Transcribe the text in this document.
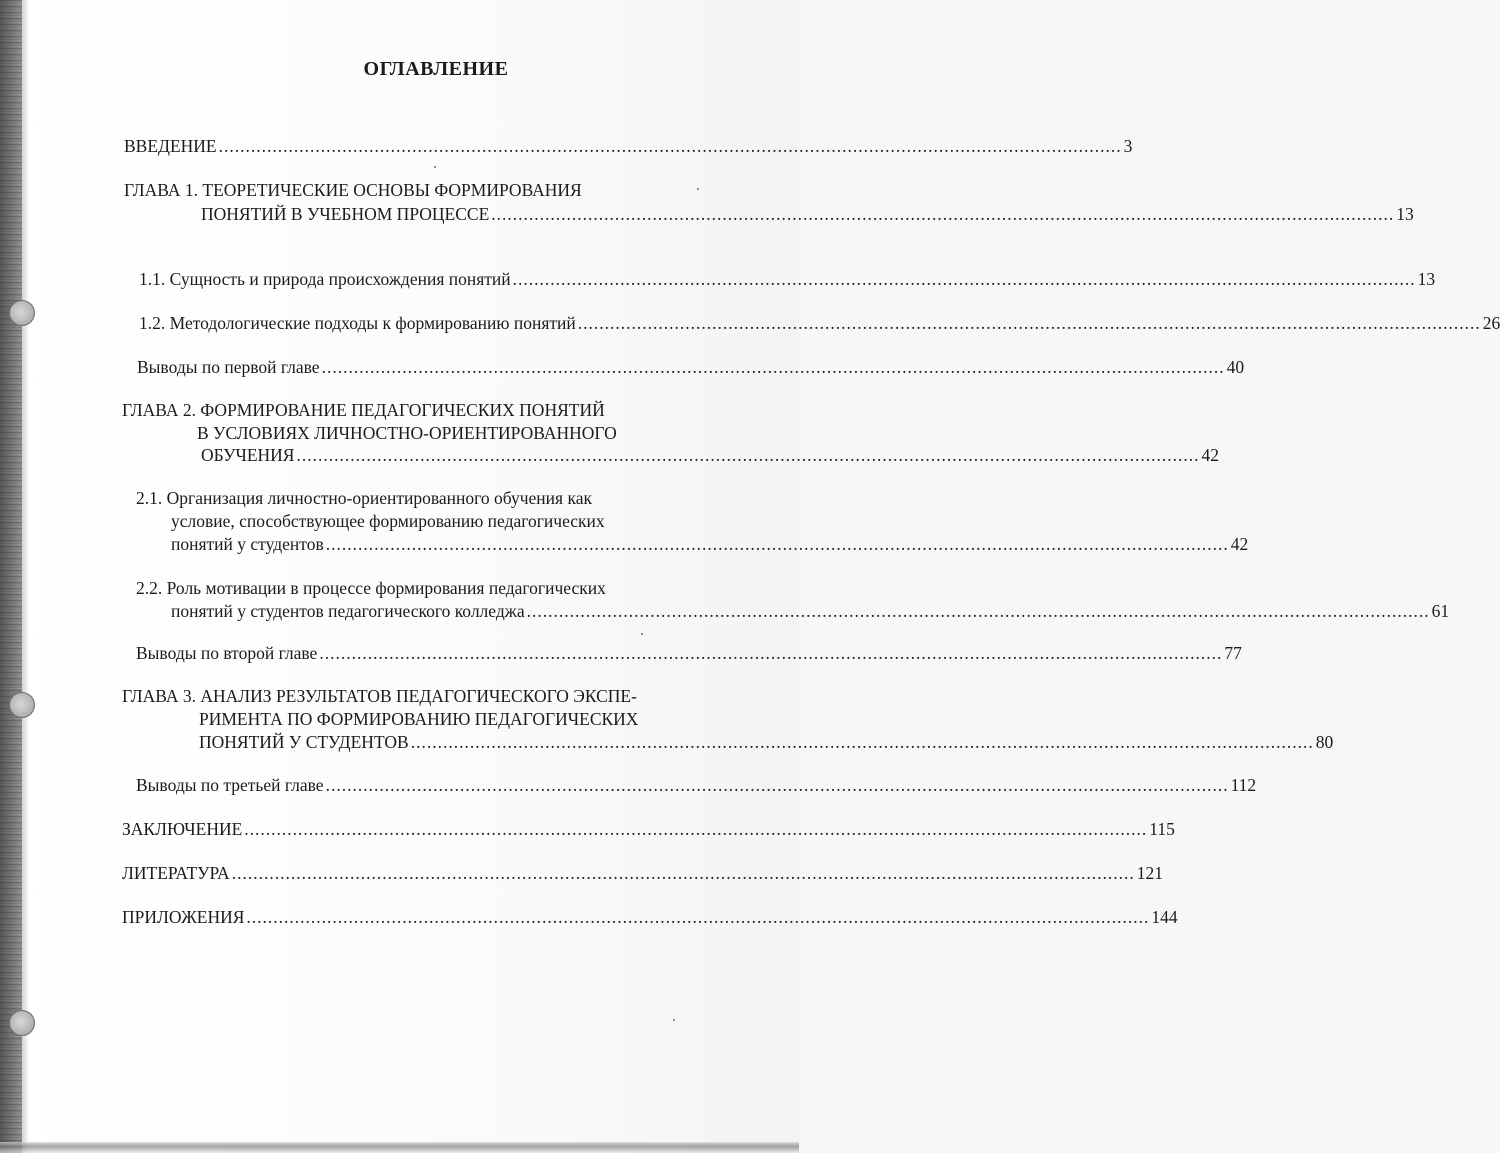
ОГЛАВЛЕНИЕ
ВВЕДЕНИЕ ........................................................................................................................................................................ 3
ГЛАВА 1. ТЕОРЕТИЧЕСКИЕ ОСНОВЫ ФОРМИРОВАНИЯ
ПОНЯТИЙ В УЧЕБНОМ ПРОЦЕССЕ ........................................................................................................................................................................ 13
1.1. Сущность и природа происхождения понятий ........................................................................................................................................................................ 13
1.2. Методологические подходы к формированию понятий ........................................................................................................................................................................ 26
Выводы по первой главе ........................................................................................................................................................................ 40
ГЛАВА 2. ФОРМИРОВАНИЕ ПЕДАГОГИЧЕСКИХ ПОНЯТИЙ
В УСЛОВИЯХ ЛИЧНОСТНО-ОРИЕНТИРОВАННОГО
ОБУЧЕНИЯ ........................................................................................................................................................................ 42
2.1. Организация личностно-ориентированного обучения как
условие, способствующее формированию педагогических
понятий у студентов ........................................................................................................................................................................ 42
2.2. Роль мотивации в процессе формирования педагогических
понятий у студентов педагогического колледжа ........................................................................................................................................................................ 61
Выводы по второй главе ........................................................................................................................................................................ 77
ГЛАВА 3. АНАЛИЗ РЕЗУЛЬТАТОВ ПЕДАГОГИЧЕСКОГО ЭКСПЕ-
РИМЕНТА ПО ФОРМИРОВАНИЮ ПЕДАГОГИЧЕСКИХ
ПОНЯТИЙ У СТУДЕНТОВ ........................................................................................................................................................................ 80
Выводы по третьей главе ........................................................................................................................................................................ 112
ЗАКЛЮЧЕНИЕ ........................................................................................................................................................................ 115
ЛИТЕРАТУРА ........................................................................................................................................................................ 121
ПРИЛОЖЕНИЯ ........................................................................................................................................................................ 144
